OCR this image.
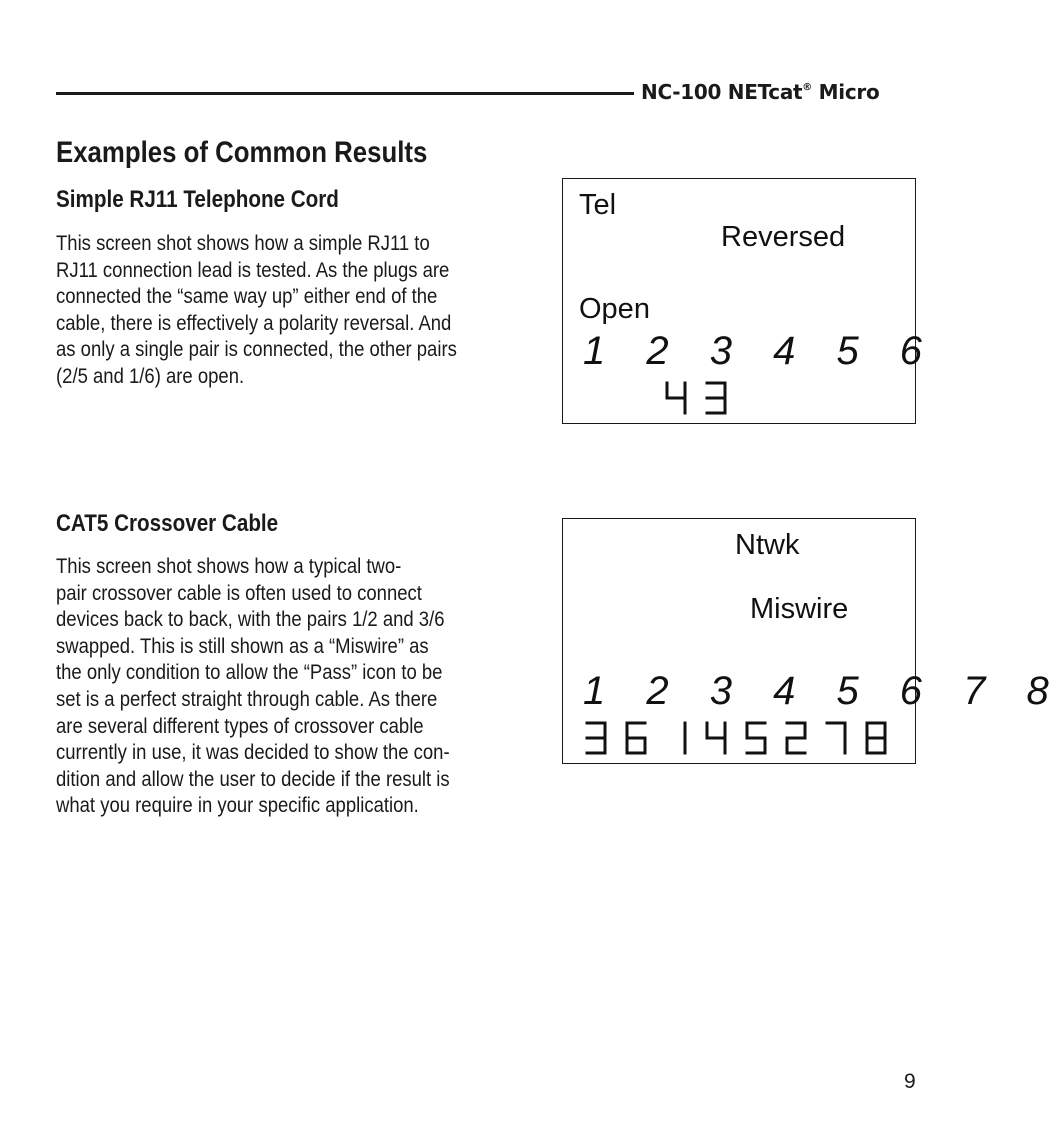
NC-100 NETcat® Micro
Examples of Common Results
Simple RJ11 Telephone Cord
This screen shot shows how a simple RJ11 to
RJ11 connection lead is tested. As the plugs are
connected the “same way up” either end of the
cable, there is effectively a polarity reversal. And
as only a single pair is connected, the other pairs
(2/5 and 1/6) are open.
Tel
Reversed
Open
1 2 3 4 5 6
CAT5 Crossover Cable
This screen shot shows how a typical two-
pair crossover cable is often used to connect
devices back to back, with the pairs 1/2 and 3/6
swapped. This is still shown as a “Miswire” as
the only condition to allow the “Pass” icon to be
set is a perfect straight through cable. As there
are several different types of crossover cable
currently in use, it was decided to show the con-
dition and allow the user to decide if the result is
what you require in your specific application.
Ntwk
Miswire
1 2 3 4 5 6 7 8
9
